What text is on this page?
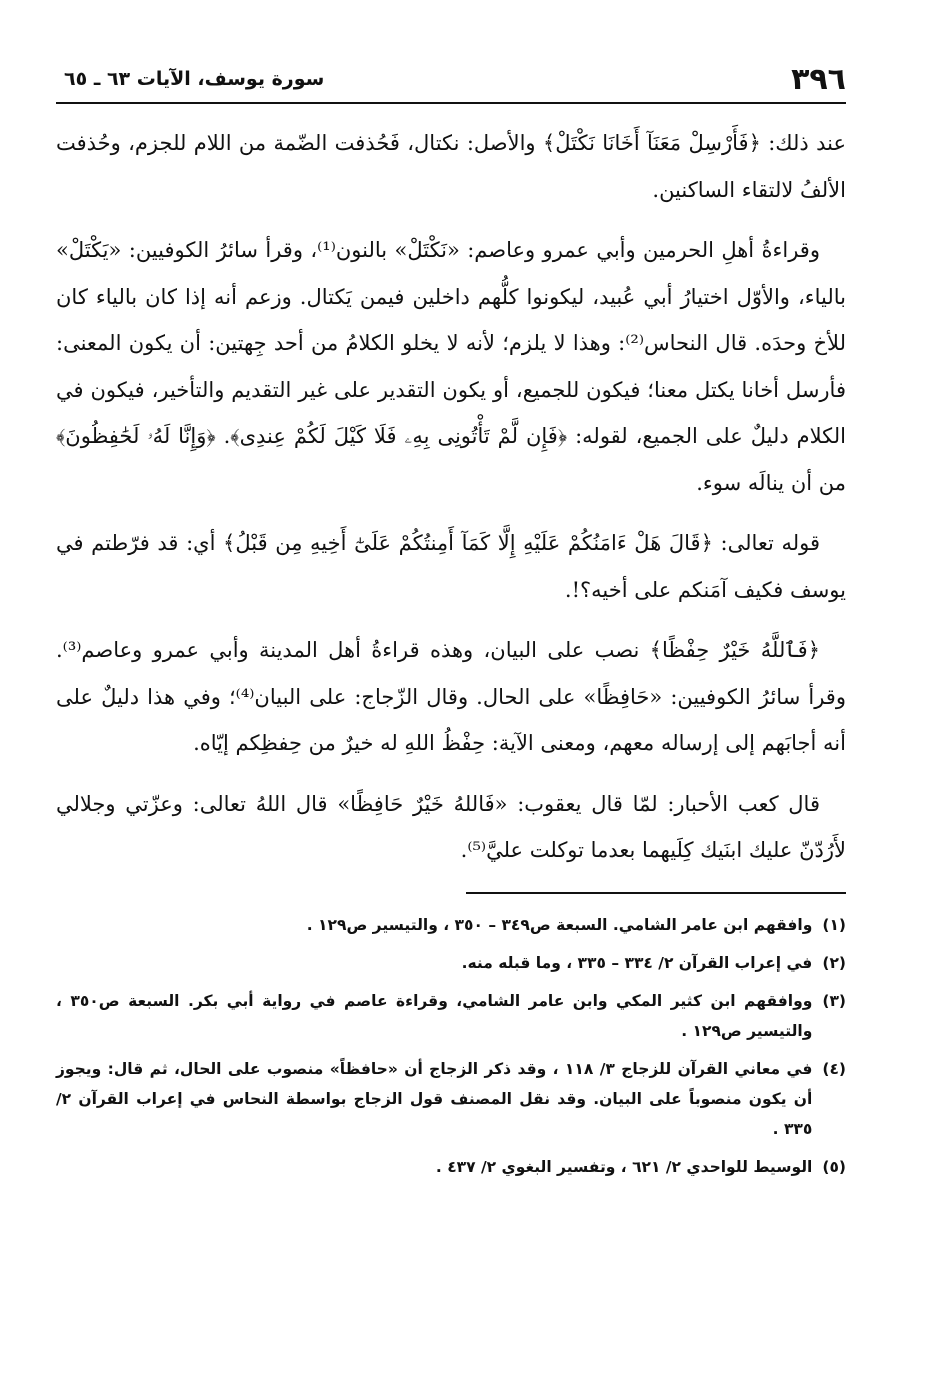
٣٩٦
سورة يوسف، الآيات ٦٣ ـ ٦٥

عند ذلك: ﴿فَأَرْسِلْ مَعَنَآ أَخَانَا نَكْتَلْ﴾ والأصل: نكتال، فَحُذفت الضّمة من اللام للجزم، وحُذفت الألفُ لالتقاء الساكنين.

وقراءةُ أهلِ الحرمين وأبي عمرو وعاصم: «نَكْتَلْ» بالنون⁽¹⁾، وقرأ سائرُ الكوفيين: «يَكْتَلْ» بالياء، والأوّل اختيارُ أبي عُبيد، ليكونوا كلُّهم داخلين فيمن يَكتال. وزعم أنه إذا كان بالياء كان للأخ وحدَه. قال النحاس⁽²⁾: وهذا لا يلزم؛ لأنه لا يخلو الكلامُ من أحد جِهتين: أن يكون المعنى: فأرسل أخانا يكتل معنا؛ فيكون للجميع، أو يكون التقدير على غير التقديم والتأخير، فيكون في الكلام دليلٌ على الجميع، لقوله: ﴿فَإِن لَّمْ تَأْتُونِى بِهِۦ فَلَا كَيْلَ لَكُمْ عِندِى﴾. ﴿وَإِنَّا لَهُۥ لَحَٰفِظُونَ﴾ من أن ينالَه سوء.

قوله تعالى: ﴿قَالَ هَلْ ءَامَنُكُمْ عَلَيْهِ إِلَّا كَمَآ أَمِنتُكُمْ عَلَىٰٓ أَخِيهِ مِن قَبْلُ﴾ أي: قد فرّطتم في يوسف فكيف آمَنكم على أخيه؟!.

﴿فَٱللَّهُ خَيْرٌ حِفْظًا﴾ نصب على البيان، وهذه قراءةُ أهل المدينة وأبي عمرو وعاصم⁽³⁾. وقرأ سائرُ الكوفيين: «حَافِظًا» على الحال. وقال الزّجاج: على البيان⁽⁴⁾؛ وفي هذا دليلٌ على أنه أجابَهم إلى إرساله معهم، ومعنى الآية: حِفْظُ اللهِ له خيرٌ من حِفظِكم إيّاه.

قال كعب الأحبار: لمّا قال يعقوب: «فَاللهُ خَيْرٌ حَافِظًا» قال اللهُ تعالى: وعزّتي وجلالي لأَرُدّنّ عليك ابنَيك كِلَيهما بعدما توكلت عليَّ⁽⁵⁾.

(١)
وافقهم ابن عامر الشامي. السبعة ص٣٤٩ – ٣٥٠ ، والتيسير ص١٢٩ .
(٢)
في إعراب القرآن ٢/ ٣٣٤ – ٣٣٥ ، وما قبله منه.
(٣)
ووافقهم ابن كثير المكي وابن عامر الشامي، وقراءة عاصم في رواية أبي بكر. السبعة ص٣٥٠ ، والتيسير ص١٢٩ .
(٤)
في معاني القرآن للزجاج ٣/ ١١٨ ، وقد ذكر الزجاج أن «حافظاً» منصوب على الحال، ثم قال: ويجوز أن يكون منصوباً على البيان. وقد نقل المصنف قول الزجاج بواسطة النحاس في إعراب القرآن ٢/ ٣٣٥ .
(٥)
الوسيط للواحدي ٢/ ٦٢١ ، وتفسير البغوي ٢/ ٤٣٧ .
